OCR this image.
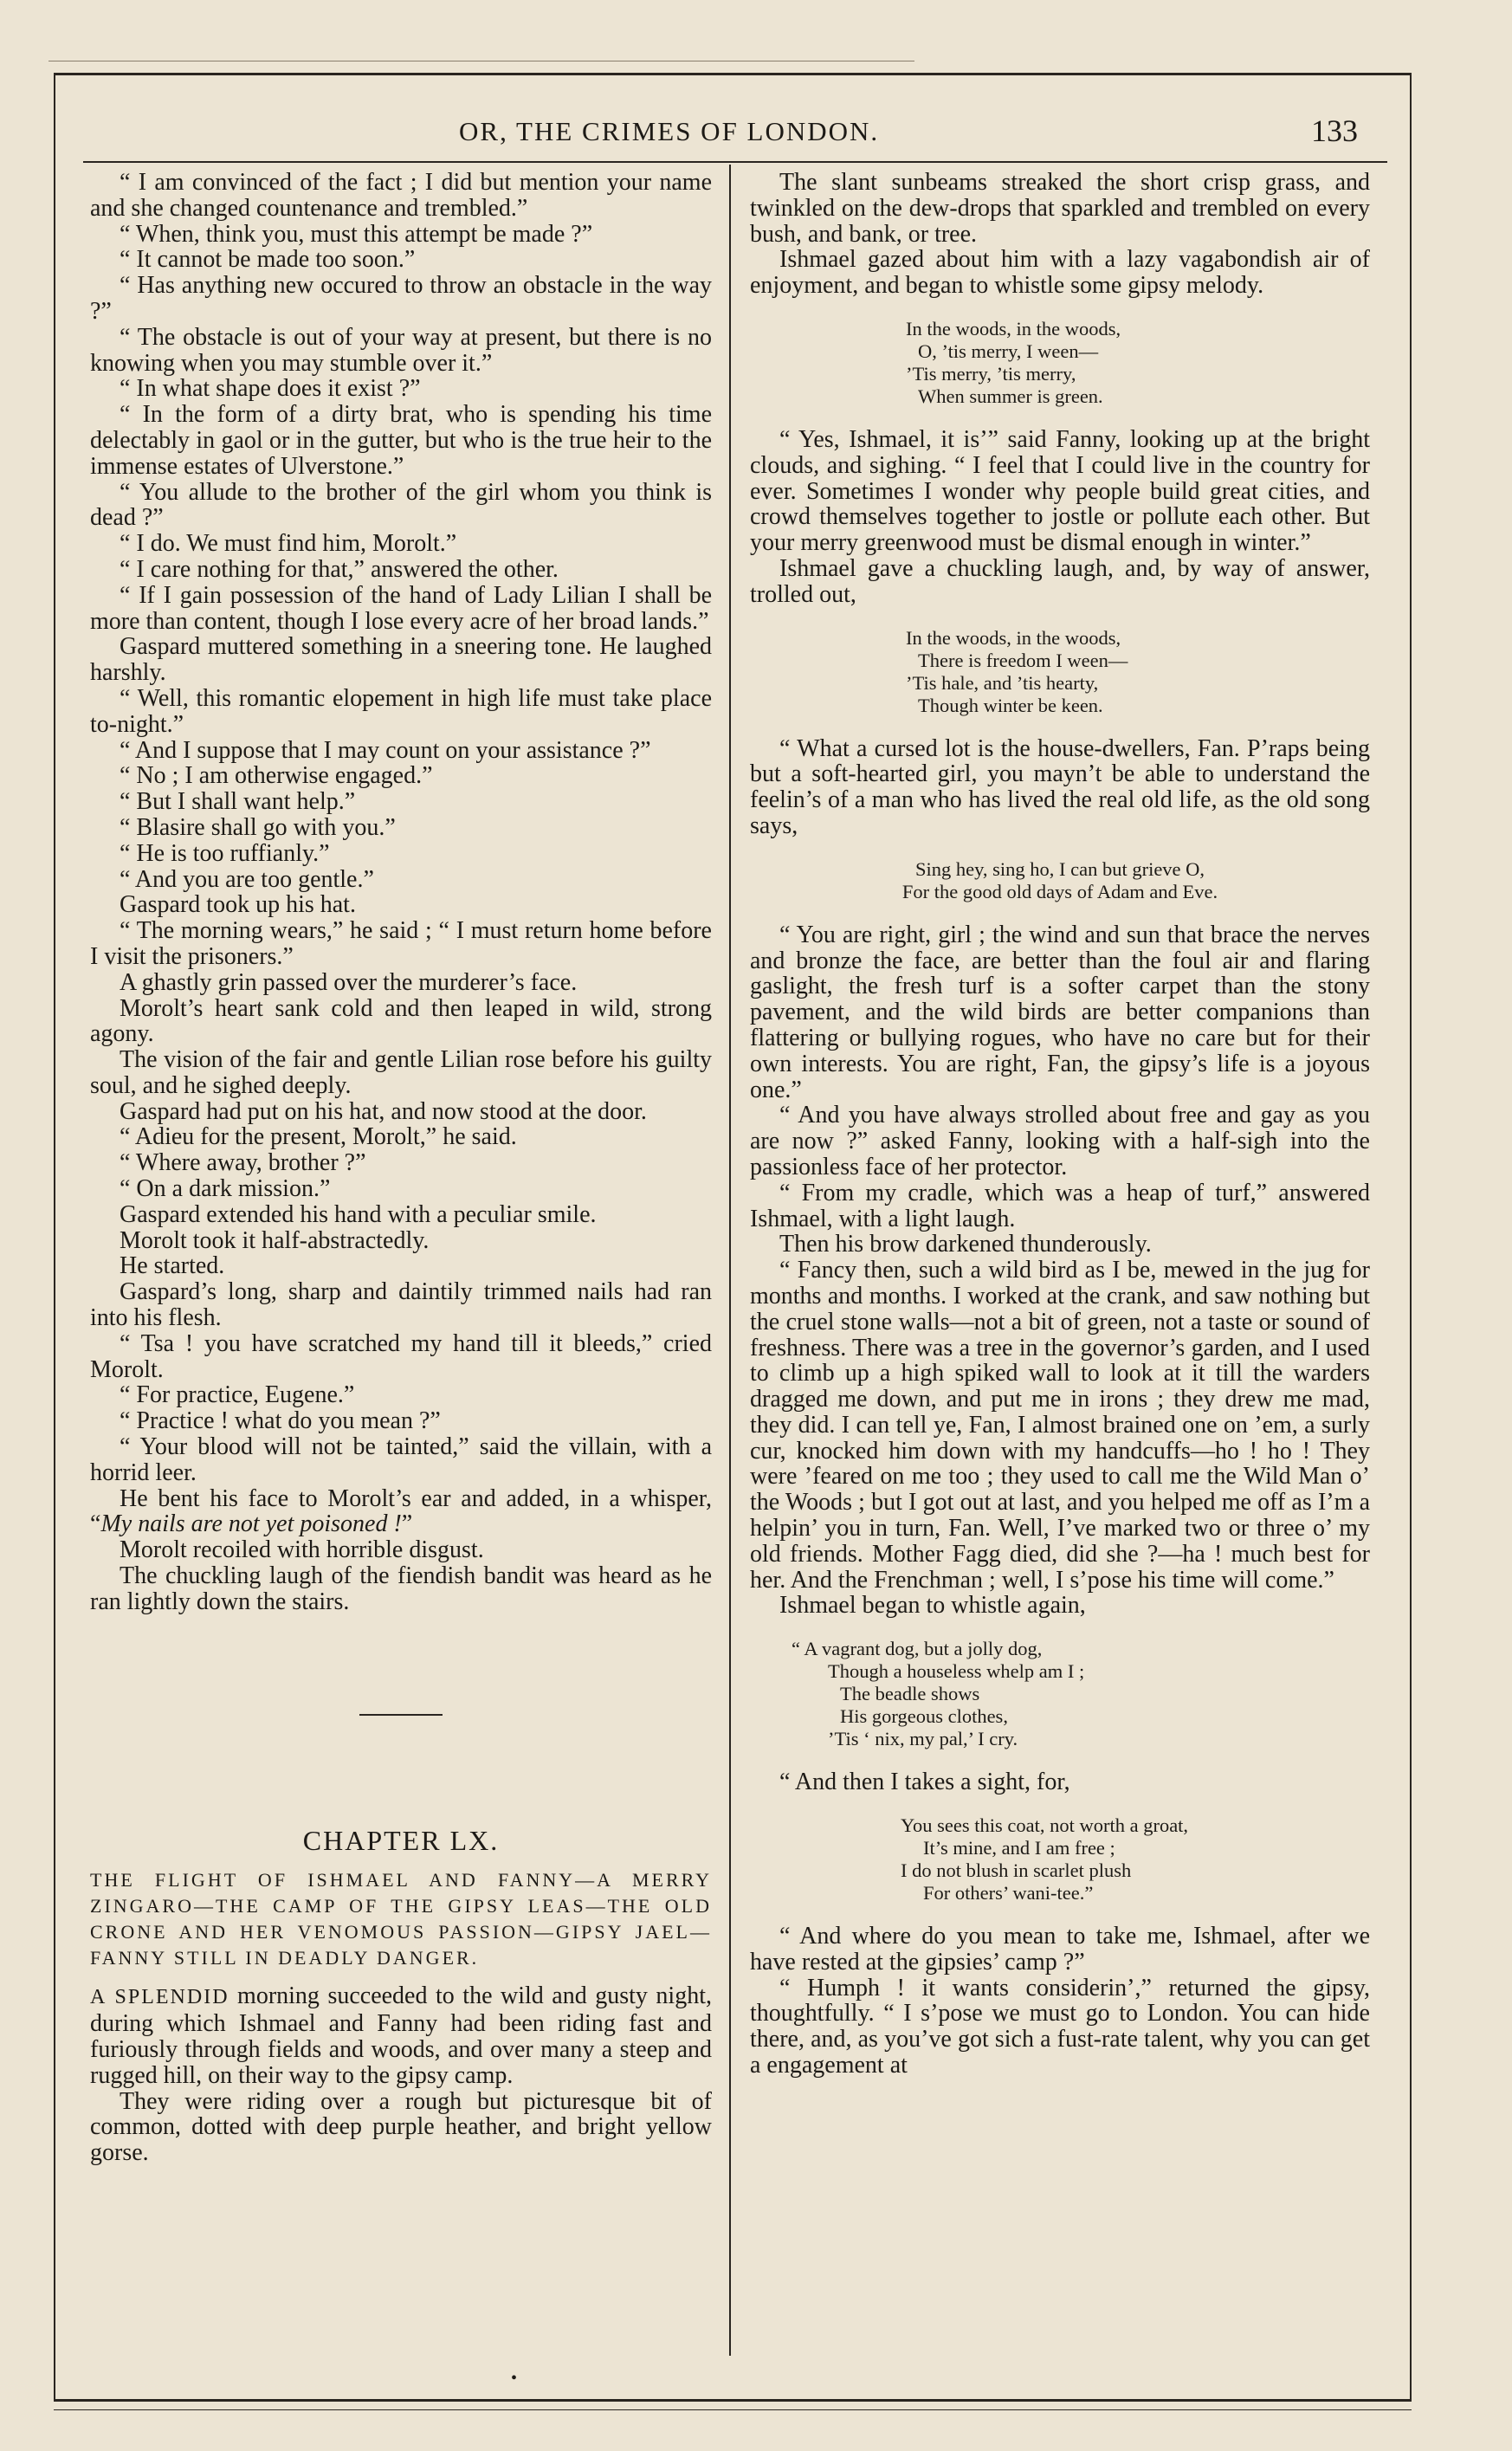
OR, THE CRIMES OF LONDON.	133

“ I am convinced of the fact ; I did but mention your name and she changed countenance and trembled.”

“ When, think you, must this attempt be made ?”

“ It cannot be made too soon.”

“ Has anything new occured to throw an obstacle in the way ?”

“ The obstacle is out of your way at present, but there is no knowing when you may stumble over it.”

“ In what shape does it exist ?”

“ In the form of a dirty brat, who is spending his time delectably in gaol or in the gutter, but who is the true heir to the immense estates of Ulverstone.”

“ You allude to the brother of the girl whom you think is dead ?”

“ I do. We must find him, Morolt.”

“ I care nothing for that,” answered the other.

“ If I gain possession of the hand of Lady Lilian I shall be more than content, though I lose every acre of her broad lands.”

Gaspard muttered something in a sneering tone. He laughed harshly.

“ Well, this romantic elopement in high life must take place to-night.”

“ And I suppose that I may count on your assistance ?”

“ No ; I am otherwise engaged.”

“ But I shall want help.”

“ Blasire shall go with you.”

“ He is too ruffianly.”

“ And you are too gentle.”

Gaspard took up his hat.

“ The morning wears,” he said ; “ I must return home before I visit the prisoners.”

A ghastly grin passed over the murderer’s face.

Morolt’s heart sank cold and then leaped in wild, strong agony.

The vision of the fair and gentle Lilian rose before his guilty soul, and he sighed deeply.

Gaspard had put on his hat, and now stood at the door.

“ Adieu for the present, Morolt,” he said.

“ Where away, brother ?”

“ On a dark mission.”

Gaspard extended his hand with a peculiar smile.

Morolt took it half-abstractedly.

He started.

Gaspard’s long, sharp and daintily trimmed nails had ran into his flesh.

“ Tsa ! you have scratched my hand till it bleeds,” cried Morolt.

“ For practice, Eugene.”

“ Practice ! what do you mean ?”

“ Your blood will not be tainted,” said the villain, with a horrid leer.

He bent his face to Morolt’s ear and added, in a whisper, “My nails are not yet poisoned !”

Morolt recoiled with horrible disgust.

The chuckling laugh of the fiendish bandit was heard as he ran lightly down the stairs.

CHAPTER LX.
THE FLIGHT OF ISHMAEL AND FANNY—A MERRY ZINGARO—THE CAMP OF THE GIPSY LEAS—THE OLD CRONE AND HER VENOMOUS PASSION—GIPSY JAEL—FANNY STILL IN DEADLY DANGER.

A SPLENDID morning succeeded to the wild and gusty night, during which Ishmael and Fanny had been riding fast and furiously through fields and woods, and over many a steep and rugged hill, on their way to the gipsy camp.

They were riding over a rough but picturesque bit of common, dotted with deep purple heather, and bright yellow gorse.

The slant sunbeams streaked the short crisp grass, and twinkled on the dew-drops that sparkled and trembled on every bush, and bank, or tree.

Ishmael gazed about him with a lazy vagabondish air of enjoyment, and began to whistle some gipsy melody.

In the woods, in the woods,
O, ’tis merry, I ween—
’Tis merry, ’tis merry,
When summer is green.

“ Yes, Ishmael, it is’” said Fanny, looking up at the bright clouds, and sighing. “ I feel that I could live in the country for ever. Sometimes I wonder why people build great cities, and crowd themselves together to jostle or pollute each other. But your merry greenwood must be dismal enough in winter.”

Ishmael gave a chuckling laugh, and, by way of answer, trolled out,

In the woods, in the woods,
There is freedom I ween—
’Tis hale, and ’tis hearty,
Though winter be keen.

“ What a cursed lot is the house-dwellers, Fan. P’raps being but a soft-hearted girl, you mayn’t be able to understand the feelin’s of a man who has lived the real old life, as the old song says,

Sing hey, sing ho, I can but grieve O,
For the good old days of Adam and Eve.

“ You are right, girl ; the wind and sun that brace the nerves and bronze the face, are better than the foul air and flaring gaslight, the fresh turf is a softer carpet than the stony pavement, and the wild birds are better companions than flattering or bullying rogues, who have no care but for their own interests. You are right, Fan, the gipsy’s life is a joyous one.”

“ And you have always strolled about free and gay as you are now ?” asked Fanny, looking with a half-sigh into the passionless face of her protector.

“ From my cradle, which was a heap of turf,” answered Ishmael, with a light laugh.

Then his brow darkened thunderously.

“ Fancy then, such a wild bird as I be, mewed in the jug for months and months. I worked at the crank, and saw nothing but the cruel stone walls—not a bit of green, not a taste or sound of freshness. There was a tree in the governor’s garden, and I used to climb up a high spiked wall to look at it till the warders dragged me down, and put me in irons ; they drew me mad, they did. I can tell ye, Fan, I almost brained one on ’em, a surly cur, knocked him down with my handcuffs—ho ! ho ! They were ’feared on me too ; they used to call me the Wild Man o’ the Woods ; but I got out at last, and you helped me off as I’m a helpin’ you in turn, Fan. Well, I’ve marked two or three o’ my old friends. Mother Fagg died, did she ?—ha ! much best for her. And the Frenchman ; well, I s’pose his time will come.”

Ishmael began to whistle again,

“ A vagrant dog, but a jolly dog,
Though a houseless whelp am I ;
The beadle shows
His gorgeous clothes,
’Tis ‘ nix, my pal,’ I cry.

“ And then I takes a sight, for,

You sees this coat, not worth a groat,
It’s mine, and I am free ;
I do not blush in scarlet plush
For others’ wani-tee.”

“ And where do you mean to take me, Ishmael, after we have rested at the gipsies’ camp ?”

“ Humph ! it wants considerin’,” returned the gipsy, thoughtfully. “ I s’pose we must go to London. You can hide there, and, as you’ve got sich a fust-rate talent, why you can get a engagement at

•
